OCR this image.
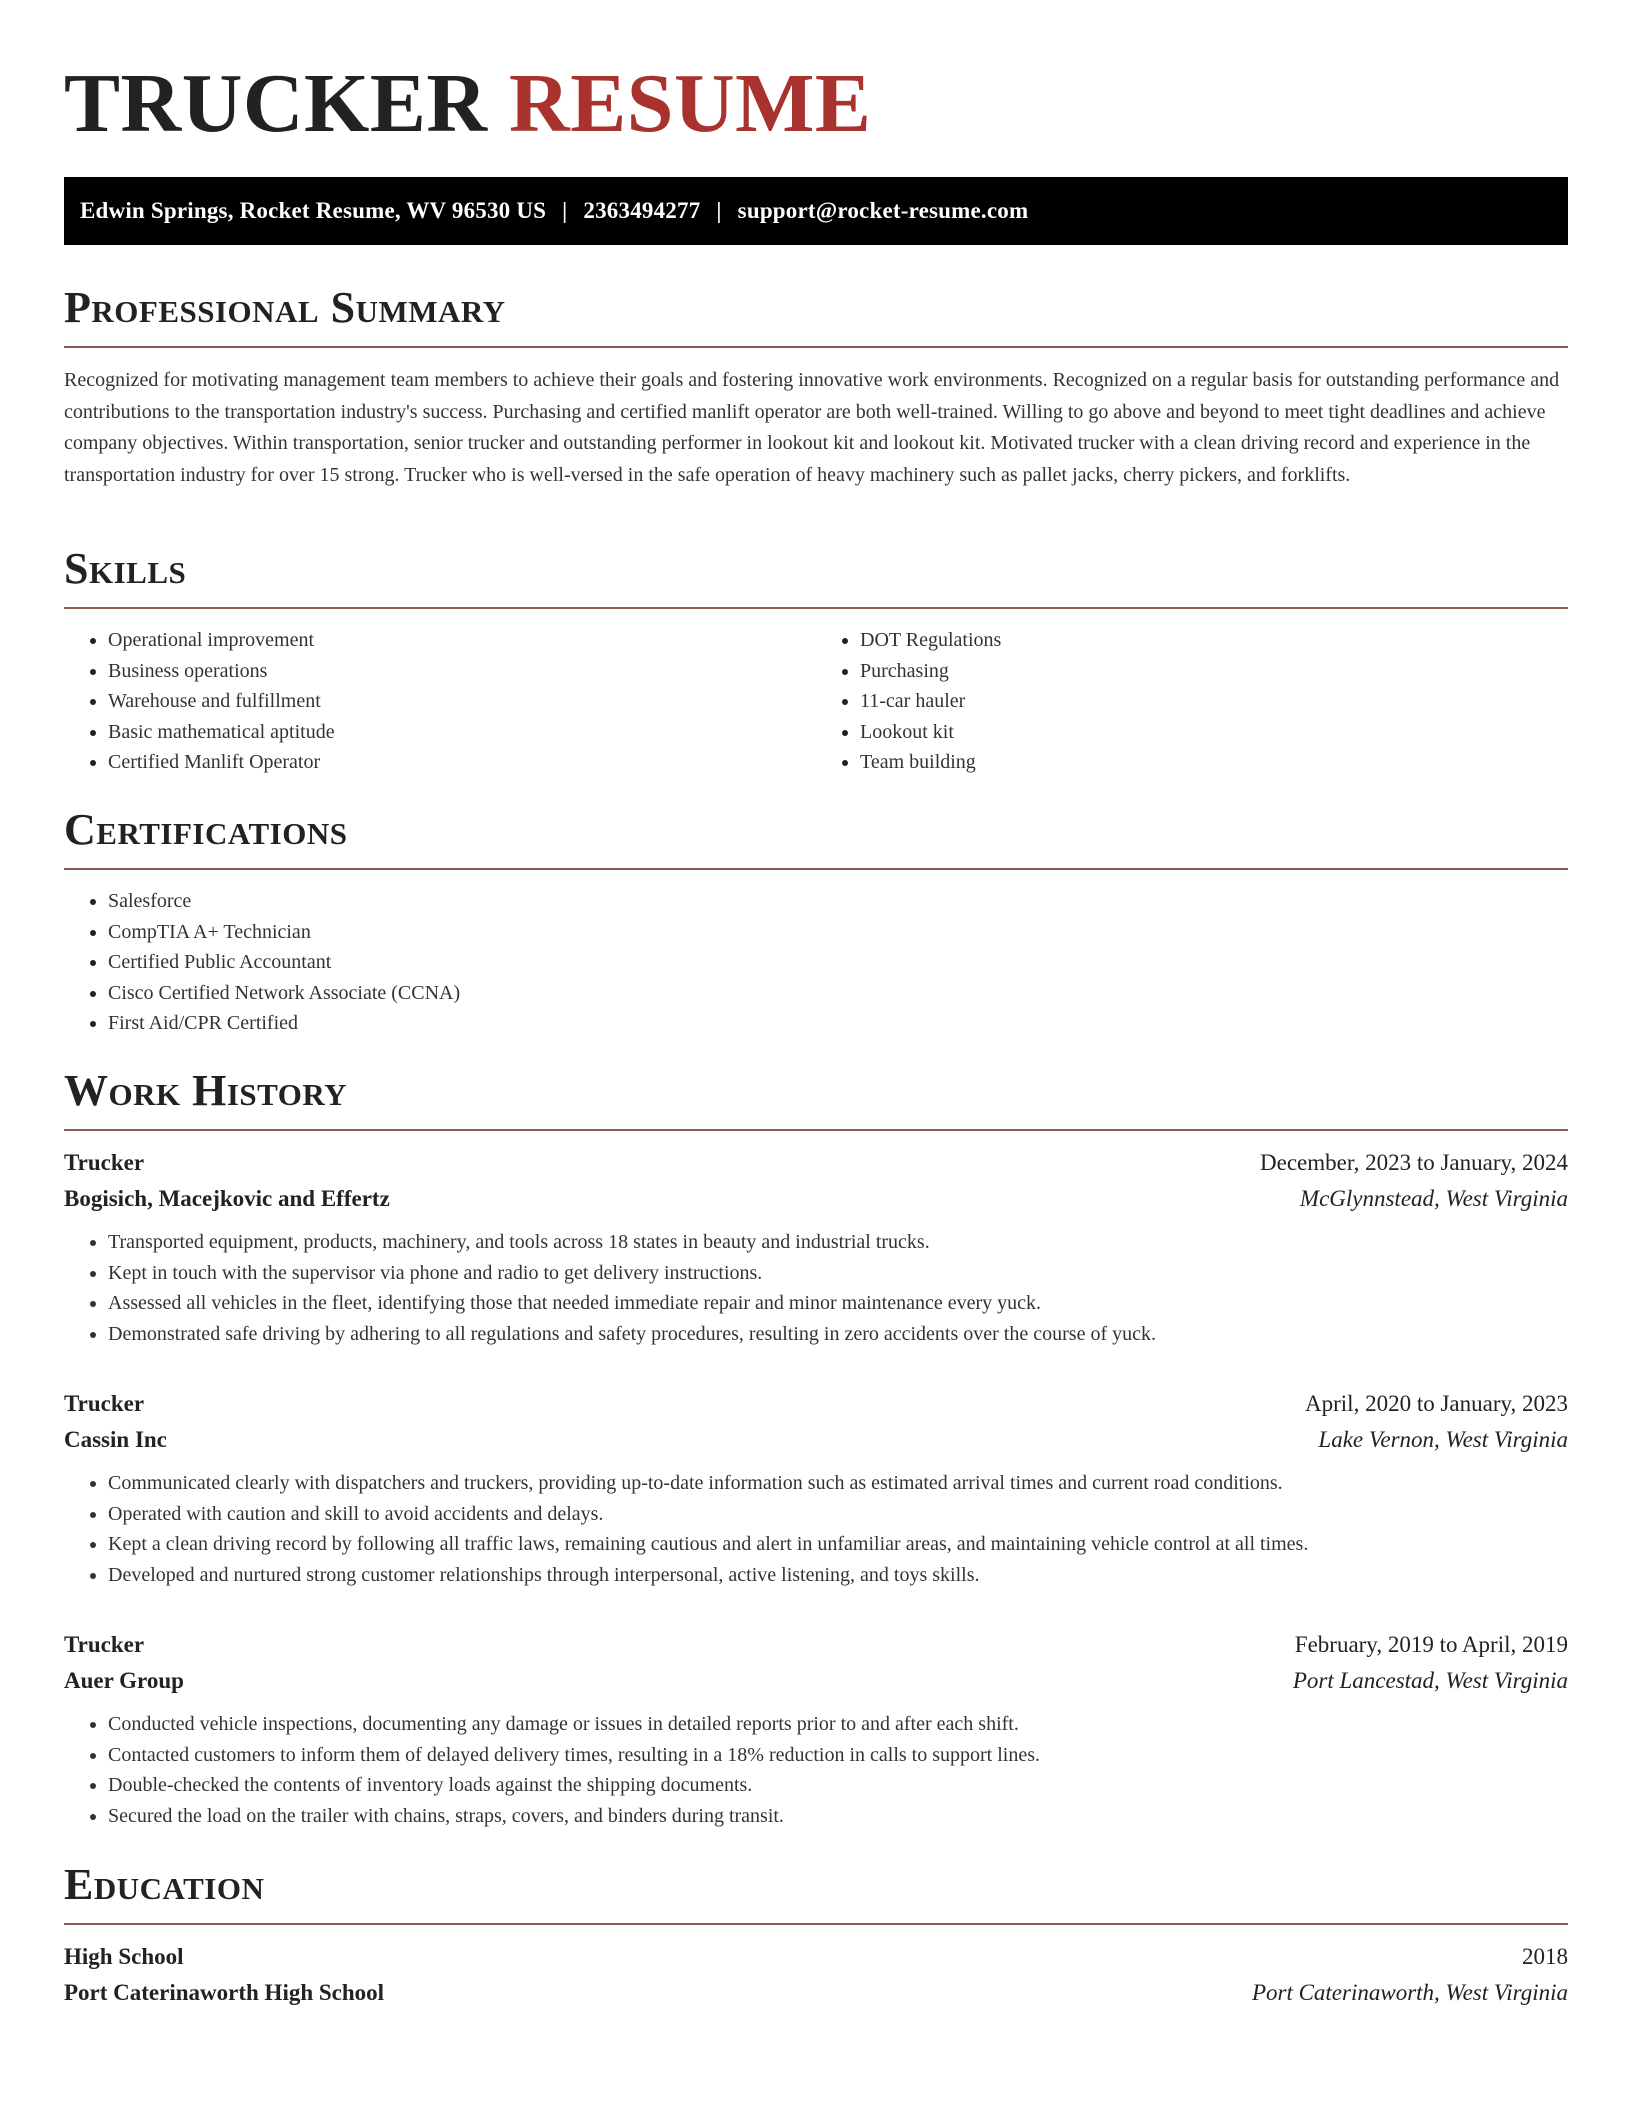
TRUCKER RESUME
Edwin Springs, Rocket Resume, WV 96530 US | 2363494277 | support@rocket-resume.com
Professional Summary

Recognized for motivating management team members to achieve their goals and fostering innovative work environments. Recognized on a regular basis for outstanding performance and contributions to the transportation industry's success. Purchasing and certified manlift operator are both well-trained. Willing to go above and beyond to meet tight deadlines and achieve company objectives. Within transportation, senior trucker and outstanding performer in lookout kit and lookout kit. Motivated trucker with a clean driving record and experience in the transportation industry for over 15 strong. Trucker who is well-versed in the safe operation of heavy machinery such as pallet jacks, cherry pickers, and forklifts.

Skills
• Operational improvement
• Business operations
• Warehouse and fulfillment
• Basic mathematical aptitude
• Certified Manlift Operator
• DOT Regulations
• Purchasing
• 11-car hauler
• Lookout kit
• Team building
Certifications
• Salesforce
• CompTIA A+ Technician
• Certified Public Accountant
• Cisco Certified Network Associate (CCNA)
• First Aid/CPR Certified
Work History
Trucker	December, 2023 to January, 2024
Bogisich, Macejkovic and Effertz	McGlynnstead, West Virginia
• Transported equipment, products, machinery, and tools across 18 states in beauty and industrial trucks.
• Kept in touch with the supervisor via phone and radio to get delivery instructions.
• Assessed all vehicles in the fleet, identifying those that needed immediate repair and minor maintenance every yuck.
• Demonstrated safe driving by adhering to all regulations and safety procedures, resulting in zero accidents over the course of yuck.
Trucker	April, 2020 to January, 2023
Cassin Inc	Lake Vernon, West Virginia
• Communicated clearly with dispatchers and truckers, providing up-to-date information such as estimated arrival times and current road conditions.
• Operated with caution and skill to avoid accidents and delays.
• Kept a clean driving record by following all traffic laws, remaining cautious and alert in unfamiliar areas, and maintaining vehicle control at all times.
• Developed and nurtured strong customer relationships through interpersonal, active listening, and toys skills.
Trucker	February, 2019 to April, 2019
Auer Group	Port Lancestad, West Virginia
• Conducted vehicle inspections, documenting any damage or issues in detailed reports prior to and after each shift.
• Contacted customers to inform them of delayed delivery times, resulting in a 18% reduction in calls to support lines.
• Double-checked the contents of inventory loads against the shipping documents.
• Secured the load on the trailer with chains, straps, covers, and binders during transit.
Education
High School	2018
Port Caterinaworth High School	Port Caterinaworth, West Virginia
